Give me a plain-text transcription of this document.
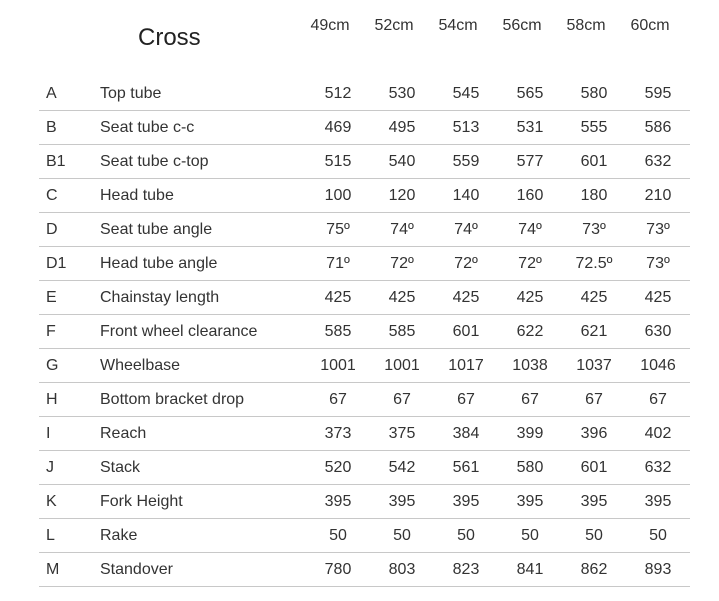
Cross	49cm	52cm	54cm	56cm	58cm	60cm
A	Top tube	512	530	545	565	580	595
B	Seat tube c-c	469	495	513	531	555	586
B1	Seat tube c-top	515	540	559	577	601	632
C	Head tube	100	120	140	160	180	210
D	Seat tube angle	75º	74º	74º	74º	73º	73º
D1	Head tube angle	71º	72º	72º	72º	72.5º	73º
E	Chainstay length	425	425	425	425	425	425
F	Front wheel clearance	585	585	601	622	621	630
G	Wheelbase	1001	1001	1017	1038	1037	1046
H	Bottom bracket drop	67	67	67	67	67	67
I	Reach	373	375	384	399	396	402
J	Stack	520	542	561	580	601	632
K	Fork Height	395	395	395	395	395	395
L	Rake	50	50	50	50	50	50
M	Standover	780	803	823	841	862	893
